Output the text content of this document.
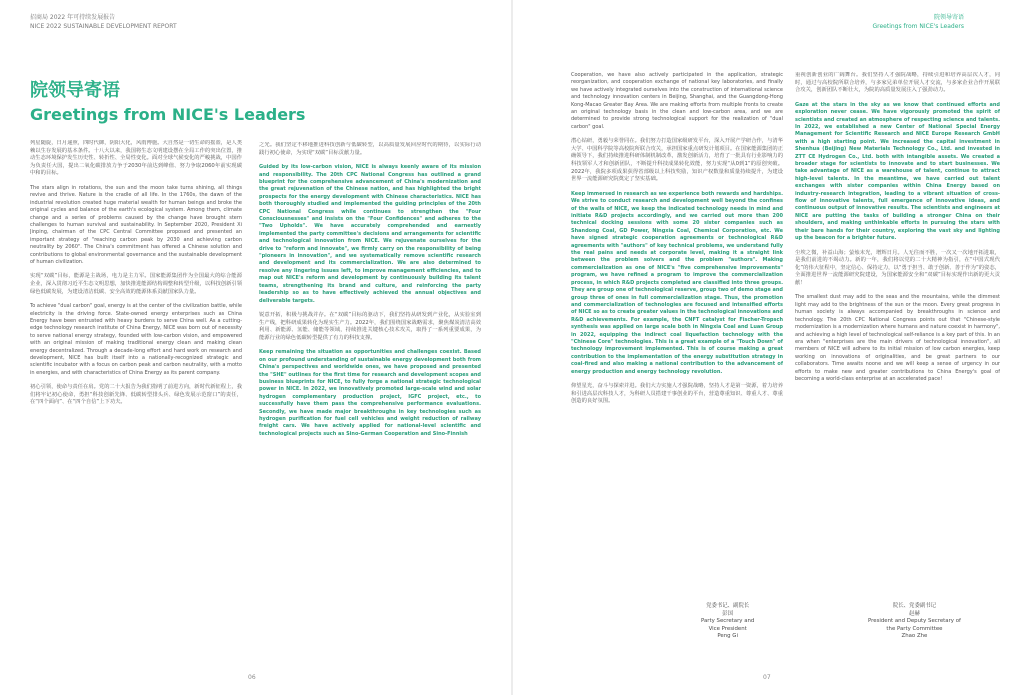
招商局 2022 年可持续发展报告
NICE 2022 SUSTAINABLE DEVELOPMENT REPORT
院领导寄语
Greetings from NICE's Leaders

列星随旋，日月递照，四时代御，阴阳大化，风雨博施。大自然是一切生命的摇篮，是人类赖以生存发展的基本条件。十八大以来，我国将生态文明建设摆在全局工作的突出位置，推动生态环境保护发生历史性、转折性、全局性变化。面对全球气候变化的严峻挑战，中国作为负责任大国，提出二氧化碳排放力争于2030年前达到峰值、努力争取2060年前实现碳中和的目标。

The stars align in rotations, the sun and the moon take turns shining, all things revive and thrive. Nature is the cradle of all life. In the 1760s, the dawn of the industrial revolution created huge material wealth for human beings and broke the original cycles and balance of the earth's ecological system. Among them, climate change and a series of problems caused by the change have brought stern challenges to human survival and sustainability. In September 2020, President Xi Jinping, chairman of the CPC Central Committee proposed and presented an important strategy of "reaching carbon peak by 2030 and achieving carbon neutrality by 2060". The China's commitment has offered a Chinese solution and contributions to global environmental governance and the sustainable development of human civilization.

实现“双碳”目标，能源是主战场，电力是主力军。国家能源集团作为全国最大的综合能源企业，深入贯彻习近平生态文明思想，加快推进能源结构调整和转型升级，以科技创新引领绿色低碳发展，为建设清洁低碳、安全高效的能源体系贡献国家队力量。

To achieve "dual carbon" goal, energy is at the center of the civilization battle, while electricity is the driving force. State-owned energy enterprises such as China Energy have been entrusted with heavy burdens to serve China well. As a cutting-edge technology research institute of China Energy, NICE was born out of necessity to serve national energy strategy, founded with low-carbon vision, and empowered with an original mission of making traditional energy clean and making clean energy decentralized. Through a decade-long effort and hard work on research and development, NICE has built itself into a nationally-recognized strategic and scientific incubator with a focus on carbon peak and carbon neutrality, with a motto in energies, and with characteristics of China Energy as its parent company.

初心引领，使命与责任在肩。党的二十大报告为我们指明了前进方向，新时代新征程上，我们将牢记初心使命，勇担“科技创新先锋、低碳转型排头兵、绿色发展示范窗口”的责任，在“四个面向”、在“四个自信”上下功夫。

之光。我们坚定不移地推进科技创新与低碳转型，以高质量发展回应时代的期待，以实际行动践行初心使命，为实现“双碳”目标贡献力量。

Guided by its low-carbon vision, NICE is always keenly aware of its mission and responsibility. The 20th CPC National Congress has outlined a grand blueprint for the comprehensive advancement of China's modernization and the great rejuvenation of the Chinese nation, and has highlighted the bright prospects for the energy development with Chinese characteristics. NICE has both thoroughly studied and implemented the guiding principles of the 20th CPC National Congress while continues to strengthen the "Four Consciousnesses" and insists on the "Four Confidences" and adheres to the "Two Upholds". We have accurately comprehended and earnestly implemented the party committee's decisions and arrangements for scientific and technological innovation from NICE. We rejuvenate ourselves for the drive to "reform and innovate", we firmly carry on the responsibility of being "pioneers in innovation", and we systematically remove scientific research and development and its commercialization. We are also determined to resolve any lingering issues left, to improve management efficiencies, and to map out NICE's reform and development by continuously building its talent teams, strengthening its brand and culture, and reinforcing the party leadership so as to have effectively achieved the annual objectives and deliverable targets.

锐意开拓，积极与挑战并存。在“双碳”目标的驱动下，我们坚持从研发到产业化，从实验室到生产线，把科研成果转化为现实生产力。2022年，我们围绕国家战略需求，聚焦煤炭清洁高效利用、新能源、氢能、储能等领域，持续推进关键核心技术攻关，取得了一系列重要成果，为能源行业的绿色低碳转型提供了有力的科技支撑。

Keep remaining the situation as opportunities and challenges coexist. Based on our profound understanding of sustainable energy development both from China's perspectives and worldwide ones, we have proposed and presented the "SHE" outlines for the first time for research and development scopes and business blueprints for NICE, to fully forge a national strategic technological power in NICE. In 2022, we innovatively promoted large-scale wind and solar hydrogen complementary production project, IGFC project, etc., to successfully have them pass the comprehensive performance evaluations. Secondly, we have made major breakthroughs in key technologies such as hydrogen purification for fuel cell vehicles and weight reduction of railway freight cars. We have actively applied for national-level scientific and technological projects such as Sino-German Cooperation and Sino-Finnish

06
院领导寄语
Greetings from NICE's Leaders

Cooperation, we have also actively participated in the application, strategic reorganization, and cooperation exchange of national key laboratories, and finally we have actively integrated ourselves into the construction of international science and technology innovation centers in Beijing, Shanghai, and the Guangdong-Hong Kong-Macao Greater Bay Area. We are making efforts from multiple fronts to create an original technology basis in the clean and low-carbon area, and we are determined to provide strong technological support for the realization of "dual carbon" goal.

潜心钻研，勇毅与荣誉同在。我们努力打造国家级研发平台，深入开展产学研合作，与清华大学、中国科学院等高校院所联合攻关，承担国家重点研发计划项目。在国家能源集团的正确领导下，我们持续推进科研体制机制改革，激发创新活力，培育了一批具有行业影响力的科技领军人才和创新团队，不断提升科技成果转化效能，努力实现“从0到1”的原创突破。2022年，我院多项成果获得省部级以上科技奖励，知识产权数量和质量持续提升，为建设世界一流能源研究院奠定了坚实基础。

Keep immersed in research as we experience both rewards and hardships. We strive to conduct research and development well beyond the confines of the walls of NICE, we keep the indicated technology needs in mind and initiate R&D projects accordingly, and we carried out more than 200 technical docking sessions with some 20 sister companies such as Shandong Coal, GD Power, Ningxia Coal, Chemical Corporation, etc. We have signed strategic cooperation agreements or technological R&D agreements with "authors" of key technical problems, we understand fully the real pains and needs at corporate level, making it a straight link between the problem solvers and the problem "authors". Making commercialization as one of NICE's "five comprehensive improvements" program, we have refined a program to improve the commercialization process, in which R&D projects completed are classified into three groups. They are group one of technological reserve, group two of demo stage and group three of ones in full commercialization stage. Thus, the promotion and commercialization of technologies are focused and intensified efforts of NICE so as to create greater values in the technological innovations and R&D achievements. For example, the CNFT catalyst for Fischer-Tropsch synthesis was applied on large scale both in Ningxia Coal and Luan Group in 2022, equipping the indirect coal liquefaction technology with the "Chinese Core" technologies. This is a great example of a "Touch Down" of technology improvement implemented. This is of course making a great contribution to the implementation of the energy substitution strategy in coal-fired and also making a national contribution to the advancement of energy production and energy technology revolution.

仰望星光，奋斗与探索并进。我们大力实施人才强院战略，坚持人才是第一资源，着力培养和引进高层次科技人才，为科研人员搭建干事创业的平台，营造尊重知识、尊重人才、尊重创造的良好氛围。

重视创新创业的广阔舞台。我们坚持人才强院战略，持续引进和培养高层次人才，同时，通过与高校院所联合培养，与多家兄弟单位开展人才交流，与多家企业合作开展联合攻关，创新团队不断壮大，为院的高质量发展注入了强劲动力。

Gaze at the stars in the sky as we know that continued efforts and exploration never cease. We have vigorously promoted the spirit of scientists and created an atmosphere of respecting science and talents. In 2022, we established a new Center of National Special Energy Management for Scientific Research and NICE Europe Research GmbH with a high starting point. We increased the capital investment in Shenhua (Beijing) New Materials Technology Co., Ltd. and invested in ZTT CE Hydrogen Co., Ltd. both with intangible assets. We created a broader stage for scientists to innovate and to start businesses. We take advantage of NICE as a warehouse of talent, continue to attract high-level talents. In the meantime, we have carried out talent exchanges with sister companies within China Energy based on industry-research integration, leading to a vibrant situation of cross-flow of innovative talents, full emergence of innovative ideas, and continuous output of innovative results. The scientists and engineers at NICE are putting the tasks of building a stronger China on their shoulders, and making unthinkable efforts in pursuing the stars with their bare hands for their country, exploring the vast sky and lighting up the beacon for a brighter future.

尘埃之微，补益山海；萤烛末光，增辉日月。人无往而不胜，一次又一次地开拓进取，是我们前进的不竭动力。新的一年，我们将以党的二十大精神为指引，在“中国式现代化”的伟大征程中，坚定信心、保持定力，以“勇于担当、敢于创新、善于作为”的姿态，全面推进世界一流能源研究院建设，为国家能源安全和“双碳”目标实现作出新的更大贡献！

The smallest dust may add to the seas and the mountains, while the dimmest light may add to the brightness of the sun or the moon. Every great progress in human society is always accompanied by breakthroughs in science and technology. The 20th CPC National Congress points out that "Chinese-style modernization is a modernization where humans and nature coexist in harmony", and achieving a high level of technological self-reliance is a key part of this. In an era when "enterprises are the main drivers of technological innovation", all members of NICE will adhere to its initial mission of low carbon energies, keep working on innovations of originalities, and be great partners to our collaborators. Time awaits noone and we will keep a sense of urgency in our efforts to make new and greater contributions to China Energy's goal of becoming a world-class enterprise at an accelerated pace!

党委书记、副院长
彭国
Party Secretary and
Vice President
Peng Gi
院长、党委副书记
赵赫
President and Deputy Secretary of
the Party Committee
Zhao Zhe
07
